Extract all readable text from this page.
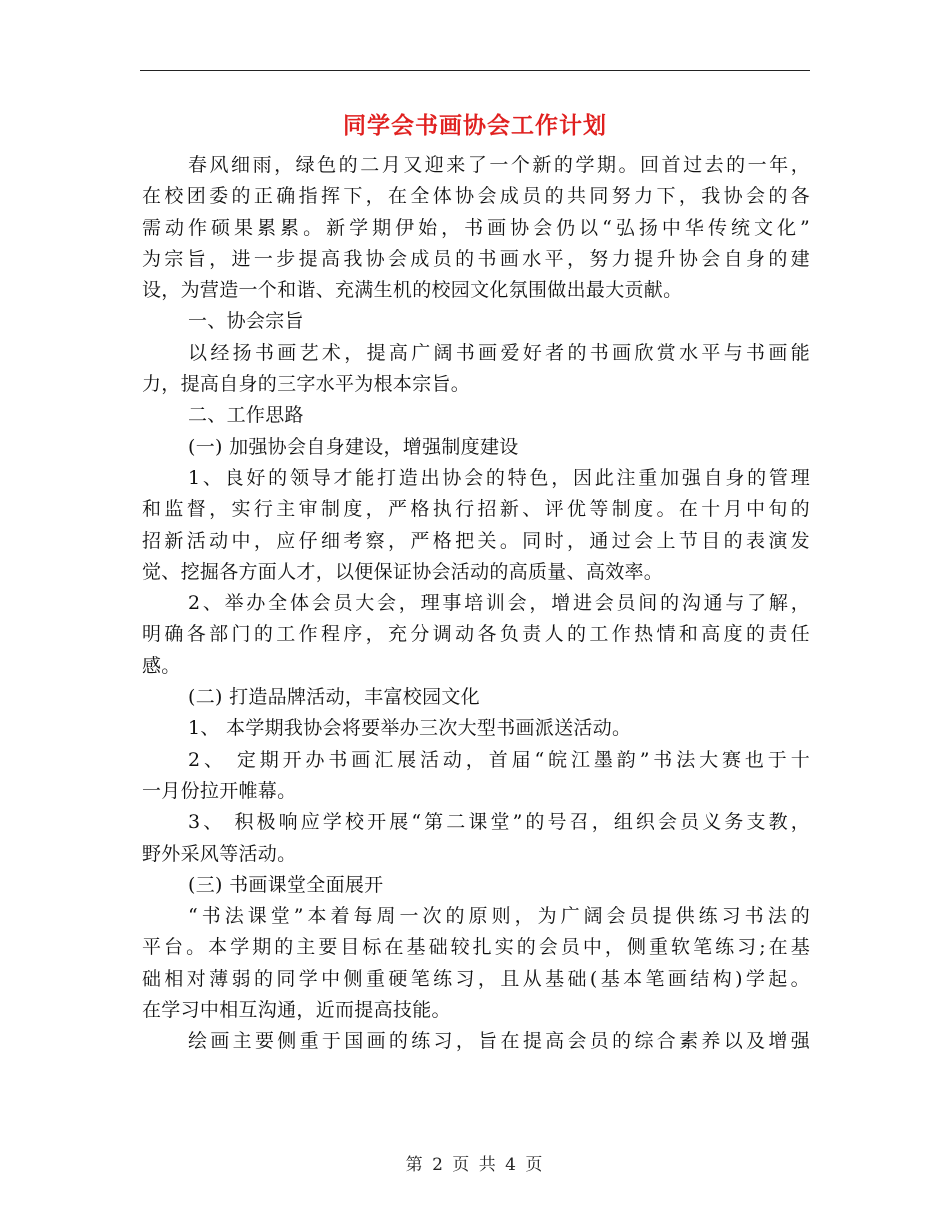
同学会书画协会工作计划
春风细雨，绿色的二月又迎来了一个新的学期。回首过去的一年，
在校团委的正确指挥下，在全体协会成员的共同努力下，我协会的各
需动作硕果累累。新学期伊始，书画协会仍以“弘扬中华传统文化”
为宗旨，进一步提高我协会成员的书画水平，努力提升协会自身的建
设，为营造一个和谐、充满生机的校园文化氛围做出最大贡献。
一、协会宗旨
以经扬书画艺术，提高广阔书画爱好者的书画欣赏水平与书画能
力，提高自身的三字水平为根本宗旨。
二、工作思路
(一) 加强协会自身建设，增强制度建设
1、良好的领导才能打造出协会的特色，因此注重加强自身的管理
和监督，实行主审制度，严格执行招新、评优等制度。在十月中旬的
招新活动中，应仔细考察，严格把关。同时，通过会上节目的表演发
觉、挖掘各方面人才，以便保证协会活动的高质量、高效率。
2、举办全体会员大会，理事培训会，增进会员间的沟通与了解，
明确各部门的工作程序，充分调动各负责人的工作热情和高度的责任
感。
(二) 打造品牌活动，丰富校园文化
1、 本学期我协会将要举办三次大型书画派送活动。
2、 定期开办书画汇展活动，首届“皖江墨韵”书法大赛也于十
一月份拉开帷幕。
3、 积极响应学校开展“第二课堂”的号召，组织会员义务支教，
野外采风等活动。
(三) 书画课堂全面展开
“书法课堂”本着每周一次的原则，为广阔会员提供练习书法的
平台。本学期的主要目标在基础较扎实的会员中，侧重软笔练习;在基
础相对薄弱的同学中侧重硬笔练习，且从基础(基本笔画结构)学起。
在学习中相互沟通，近而提高技能。
绘画主要侧重于国画的练习，旨在提高会员的综合素养以及增强
第 2 页 共 4 页
